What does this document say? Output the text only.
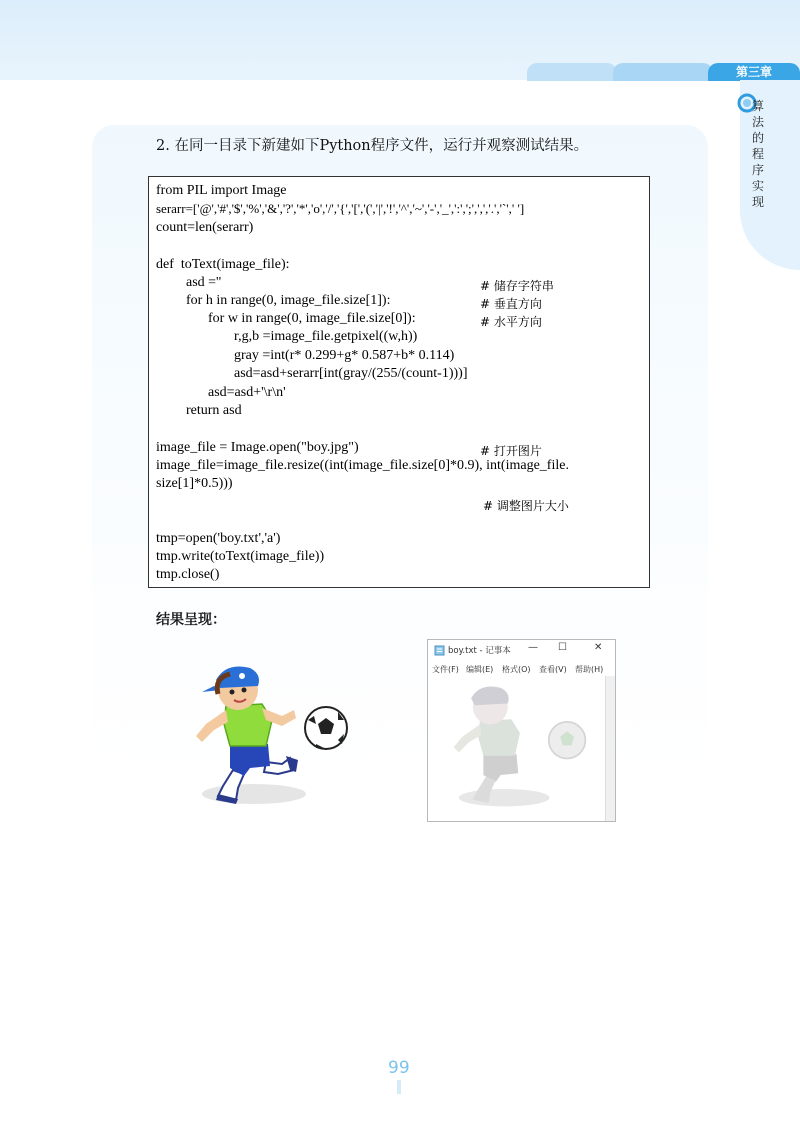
第三章
算法的程序实现
2. 在同一目录下新建如下Python程序文件，运行并观察测试结果。
from PIL import Image
serarr=['@','#','$','%','&','?','*','o','/','{','[','(','|','!','^','~','-','_',':',';',',','.','`',' ']
count=len(serarr)
def  toText(image_file):
asd =''
for h in range(0, image_file.size[1]):
for w in range(0, image_file.size[0]):
r,g,b =image_file.getpixel((w,h))
gray =int(r* 0.299+g* 0.587+b* 0.114)
asd=asd+serarr[int(gray/(255/(count-1)))]
asd=asd+'\r\n'
return asd
image_file = Image.open("boy.jpg")
image_file=image_file.resize((int(image_file.size[0]*0.9), int(image_file.
size[1]*0.5)))
tmp=open('boy.txt','a')
tmp.write(toText(image_file))
tmp.close()
# 储存字符串
# 垂直方向
# 水平方向
# 打开图片
# 调整图片大小
结果呈现：
boy.txt - 记事本 — ☐	✕
文件(F) 编辑(E) 格式(O) 查看(V) 帮助(H)
99
